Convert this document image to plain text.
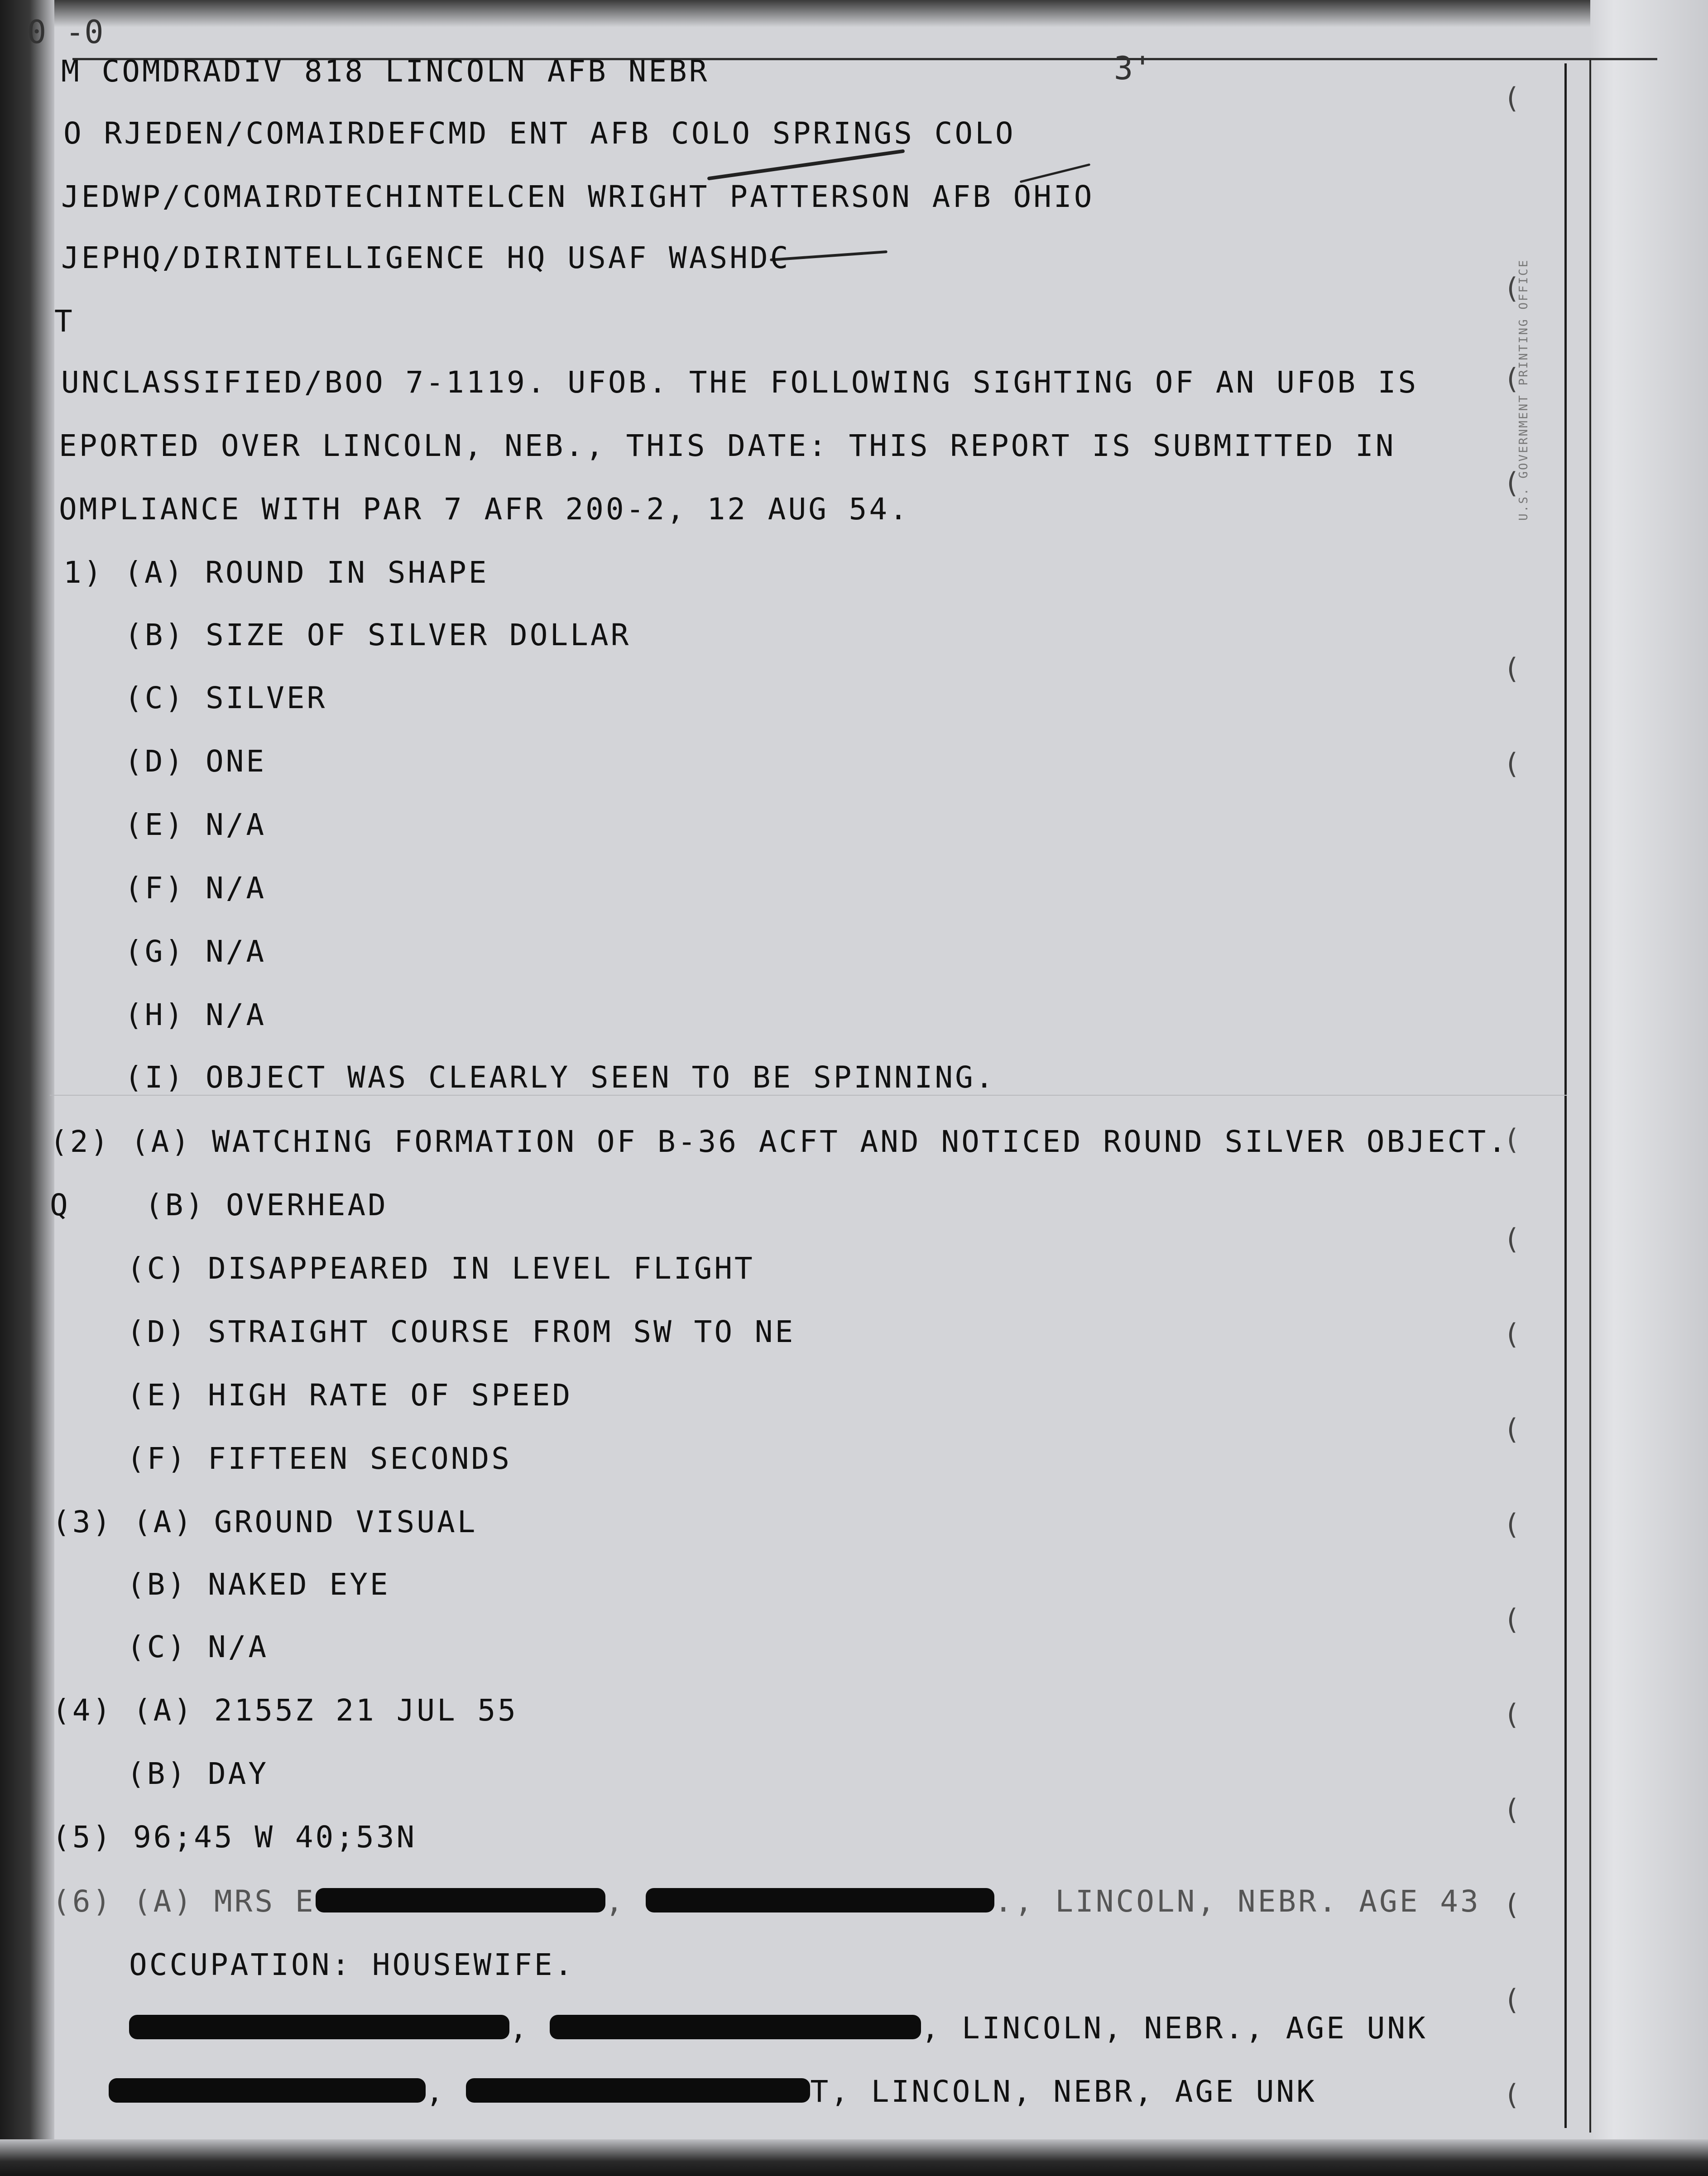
0 -0
3'
M COMDRADIV 818 LINCOLN AFB NEBR
O RJEDEN/COMAIRDEFCMD ENT AFB COLO SPRINGS COLO
JEDWP/COMAIRDTECHINTELCEN WRIGHT PATTERSON AFB OHIO
JEPHQ/DIRINTELLIGENCE HQ USAF WASHDC
T
UNCLASSIFIED/BOO 7-1119. UFOB. THE FOLLOWING SIGHTING OF AN UFOB IS
EPORTED OVER LINCOLN, NEB., THIS DATE: THIS REPORT IS SUBMITTED IN
OMPLIANCE WITH PAR 7 AFR 200-2, 12 AUG 54.
1) (A) ROUND IN SHAPE
(B) SIZE OF SILVER DOLLAR
(C) SILVER
(D) ONE
(E) N/A
(F) N/A
(G) N/A
(H) N/A
(I) OBJECT WAS CLEARLY SEEN TO BE SPINNING.
(2) (A) WATCHING FORMATION OF B-36 ACFT AND NOTICED ROUND SILVER OBJECT.
Q	(B) OVERHEAD
(C) DISAPPEARED IN LEVEL FLIGHT
(D) STRAIGHT COURSE FROM SW TO NE
(E) HIGH RATE OF SPEED
(F) FIFTEEN SECONDS
(3) (A) GROUND VISUAL
(B) NAKED EYE
(C) N/A
(4) (A) 2155Z 21 JUL 55
(B) DAY
(5) 96;45 W 40;53N
(6) (A) MRS E	,	., LINCOLN, NEBR. AGE 43
OCCUPATION: HOUSEWIFE.
,	, LINCOLN, NEBR., AGE UNK
,	T, LINCOLN, NEBR, AGE UNK
(
(
(
(
(
(
(
(
(
(
(
(
(
(
(
(
(
U.S. GOVERNMENT PRINTING OFFICE
